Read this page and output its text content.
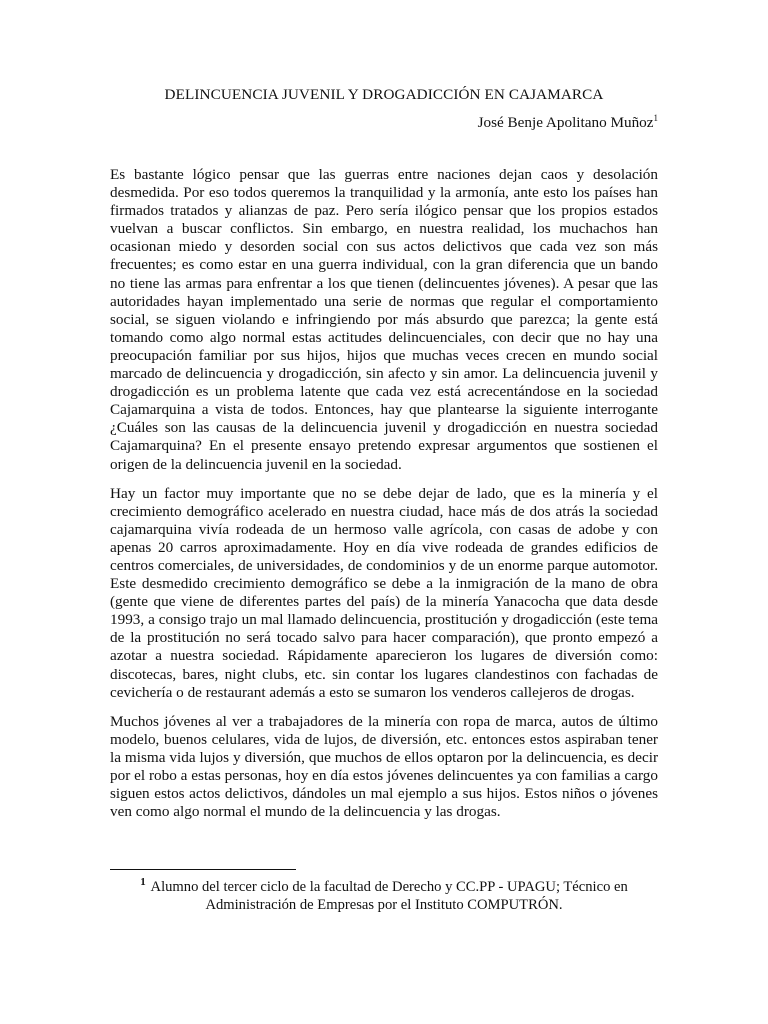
DELINCUENCIA JUVENIL Y DROGADICCIÓN EN CAJAMARCA
José Benje Apolitano Muñoz$^1$

Es bastante lógico pensar que las guerras entre naciones dejan caos y desolación desmedida. Por eso todos queremos la tranquilidad y la armonía, ante esto los países han firmados tratados y alianzas de paz. Pero sería ilógico pensar que los propios estados vuelvan a buscar conflictos. Sin embargo, en nuestra realidad, los muchachos han ocasionan miedo y desorden social con sus actos delictivos que cada vez son más frecuentes; es como estar en una guerra individual, con la gran diferencia que un bando no tiene las armas para enfrentar a los que tienen (delincuentes jóvenes). A pesar que las autoridades hayan implementado una serie de normas que regular el comportamiento social, se siguen violando e infringiendo por más absurdo que parezca; la gente está tomando como algo normal estas actitudes delincuenciales, con decir que no hay una preocupación familiar por sus hijos, hijos que muchas veces crecen en mundo social marcado de delincuencia y drogadicción, sin afecto y sin amor. La delincuencia juvenil y drogadicción es un problema latente que cada vez está acrecentándose en la sociedad Cajamarquina a vista de todos. Entonces, hay que plantearse la siguiente interrogante ¿Cuáles son las causas de la delincuencia juvenil y drogadicción en nuestra sociedad Cajamarquina? En el presente ensayo pretendo expresar argumentos que sostienen el origen de la delincuencia juvenil en la sociedad.

Hay un factor muy importante que no se debe dejar de lado, que es la minería y el crecimiento demográfico acelerado en nuestra ciudad, hace más de dos atrás la sociedad cajamarquina vivía rodeada de un hermoso valle agrícola, con casas de adobe y con apenas 20 carros aproximadamente. Hoy en día vive rodeada de grandes edificios de centros comerciales, de universidades, de condominios y de un enorme parque automotor. Este desmedido crecimiento demográfico se debe a la inmigración de la mano de obra (gente que viene de diferentes partes del país) de la minería Yanacocha que data desde 1993, a consigo trajo un mal llamado delincuencia, prostitución y drogadicción (este tema de la prostitución no será tocado salvo para hacer comparación), que pronto empezó a azotar a nuestra sociedad. Rápidamente aparecieron los lugares de diversión como: discotecas, bares, night clubs, etc. sin contar los lugares clandestinos con fachadas de cevichería o de restaurant además a esto se sumaron los venderos callejeros de drogas.

Muchos jóvenes al ver a trabajadores de la minería con ropa de marca, autos de último modelo, buenos celulares, vida de lujos, de diversión, etc. entonces estos aspiraban tener la misma vida lujos y diversión, que muchos de ellos optaron por la delincuencia, es decir por el robo a estas personas, hoy en día estos jóvenes delincuentes ya con familias a cargo siguen estos actos delictivos, dándoles un mal ejemplo a sus hijos. Estos niños o jóvenes ven como algo normal el mundo de la delincuencia y las drogas.

$^1$ Alumno del tercer ciclo de la facultad de Derecho y CC.PP - UPAGU; Técnico en Administración de Empresas por el Instituto COMPUTRÓN.
